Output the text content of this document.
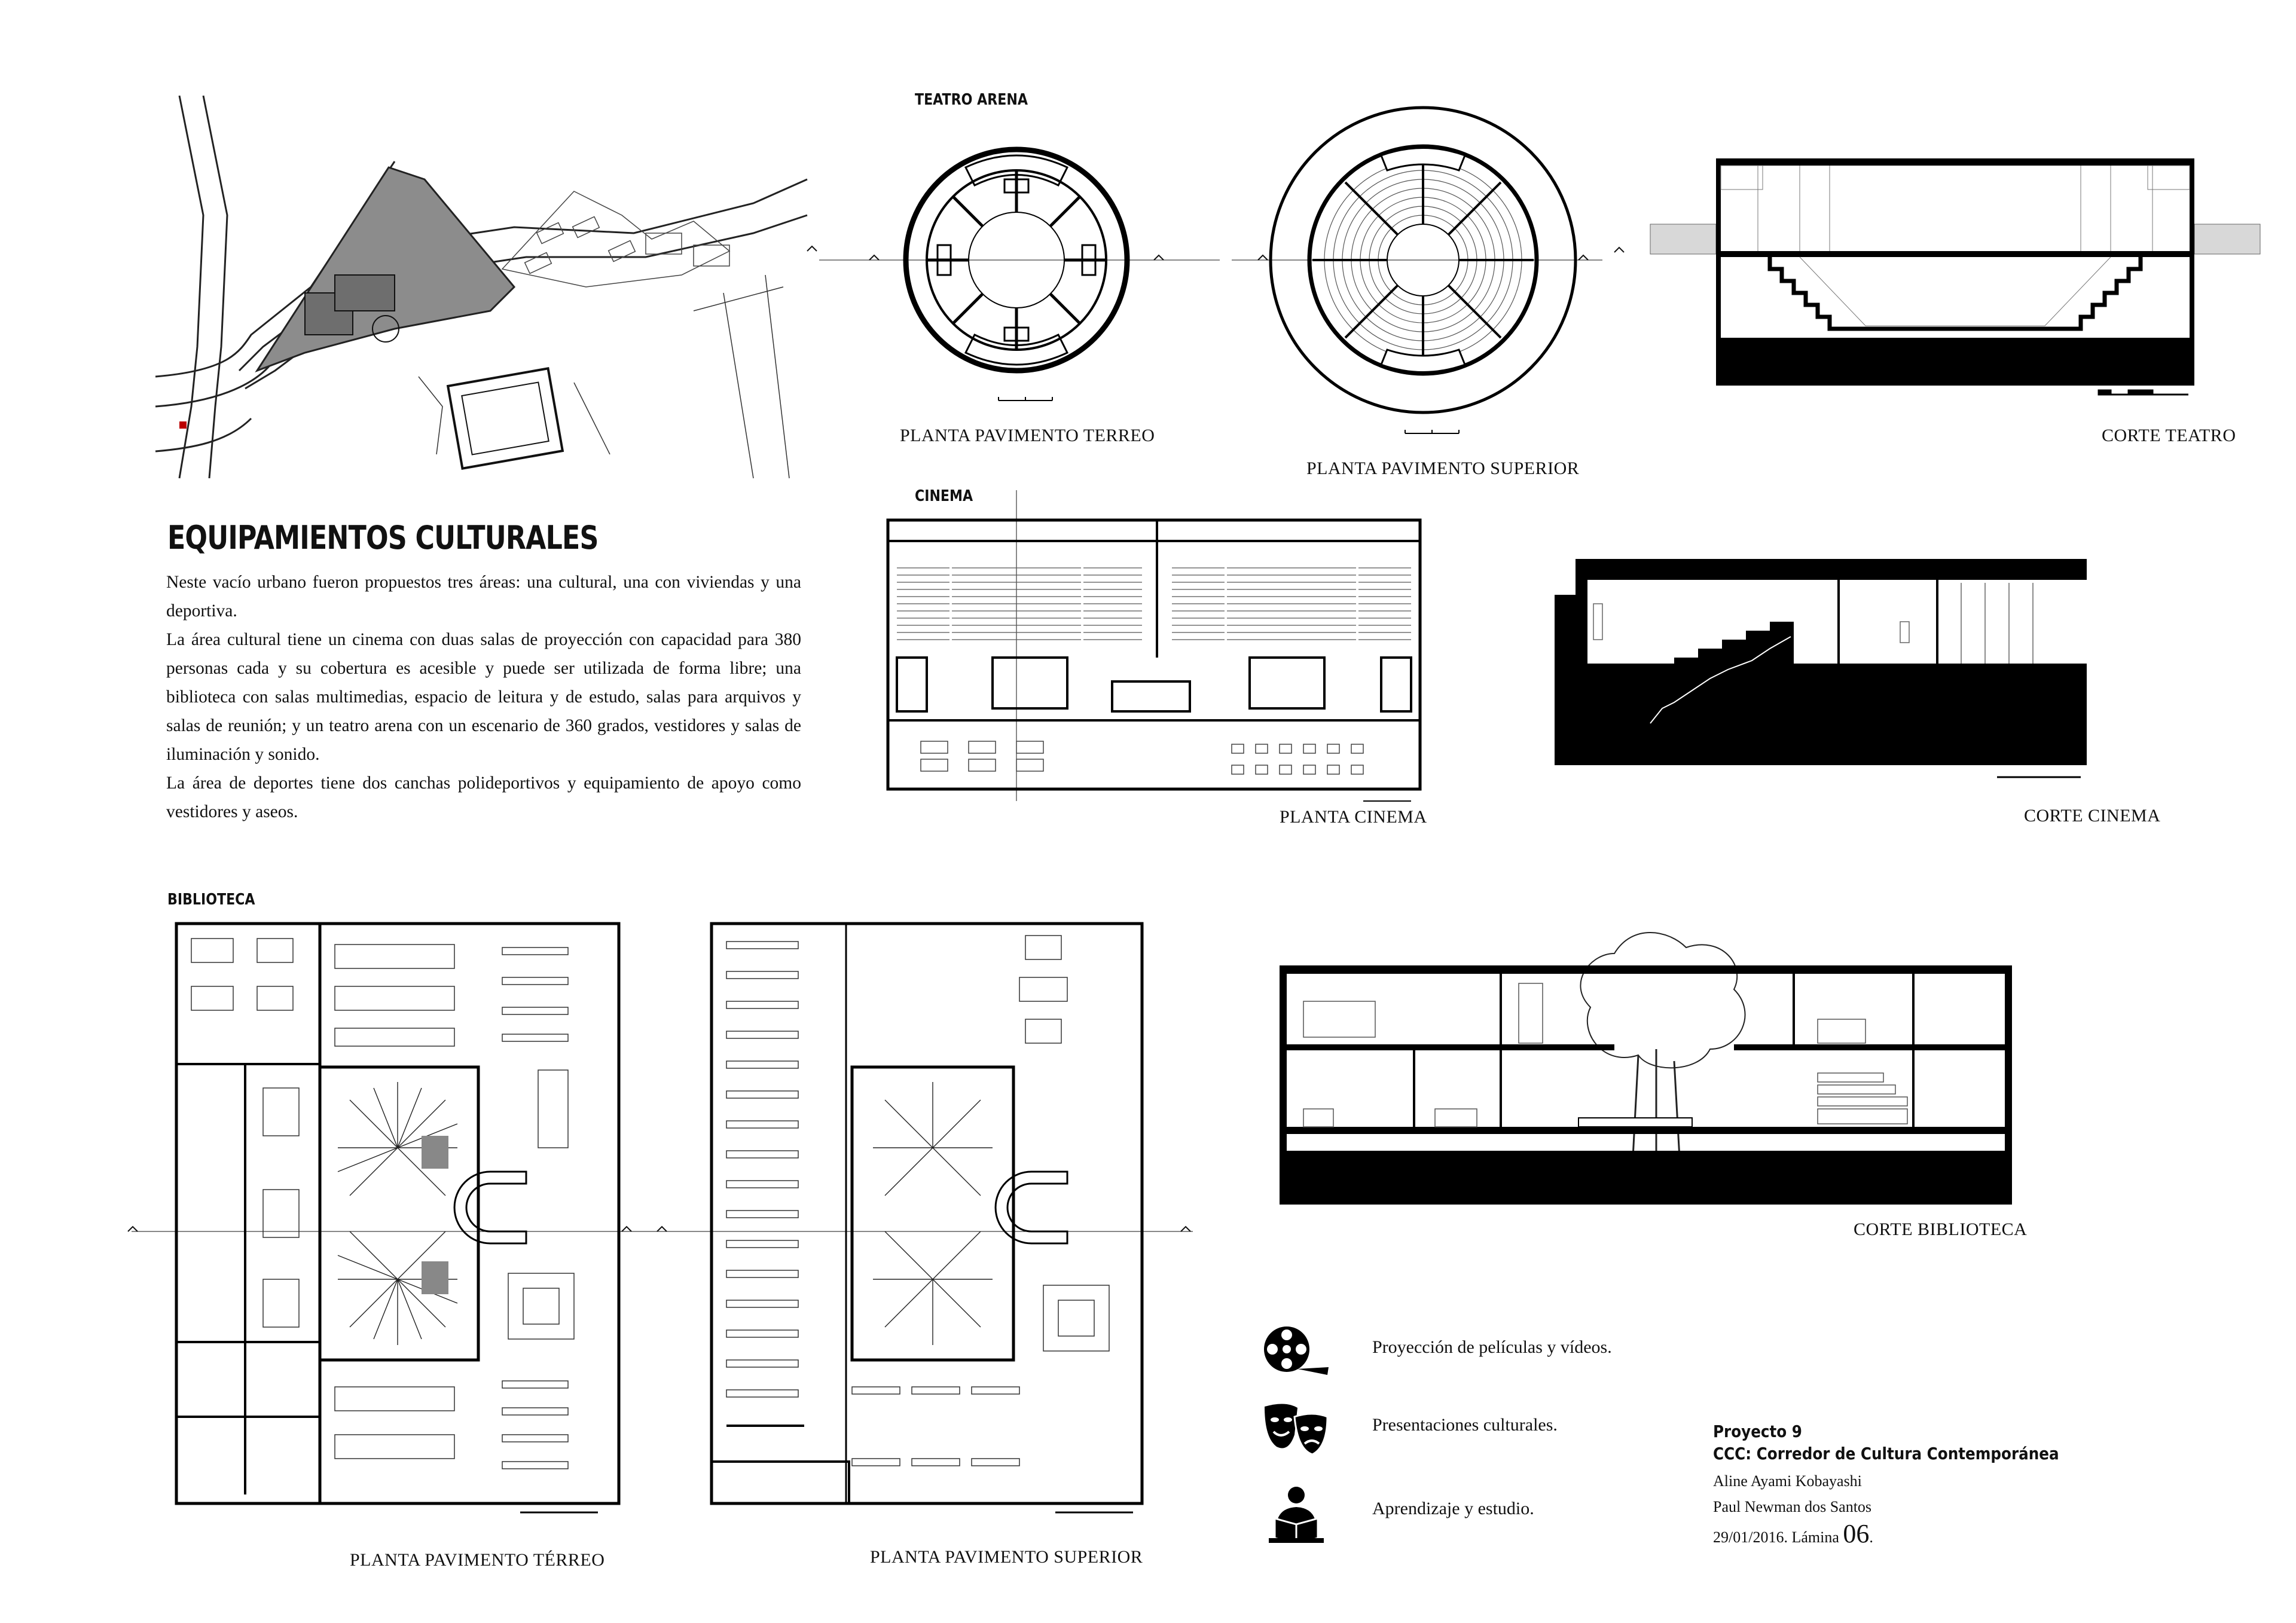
TEATRO ARENA
PLANTA PAVIMENTO TERREO
PLANTA PAVIMENTO SUPERIOR
CORTE TEATRO
CINEMA
PLANTA CINEMA	CORTE CINEMA
EQUIPAMIENTOS CULTURALES

Neste vacío urbano fueron propuestos tres áreas: una cultural, una con viviendas y una deportiva.

La área cultural tiene un cinema con duas salas de proyección con capacidad para 380 personas cada y su cobertura es acesible y puede ser utilizada de forma libre; una biblioteca con salas multimedias, espacio de leitura y de estudo, salas para arquivos y salas de reunión; y un teatro arena con un escenario de 360 grados, vestidores y salas de iluminación y sonido.

La área de deportes tiene dos canchas polideportivos y equipamiento de apoyo como vestidores y aseos.

BIBLIOTECA
PLANTA PAVIMENTO TÉRREO	PLANTA PAVIMENTO SUPERIOR
CORTE BIBLIOTECA
Proyección de películas y vídeos.
Presentaciones culturales.
Aprendizaje y estudio.
Proyecto 9
CCC: Corredor de Cultura Contemporánea
Aline Ayami Kobayashi
Paul Newman dos Santos
29/01/2016. Lámina 06.
